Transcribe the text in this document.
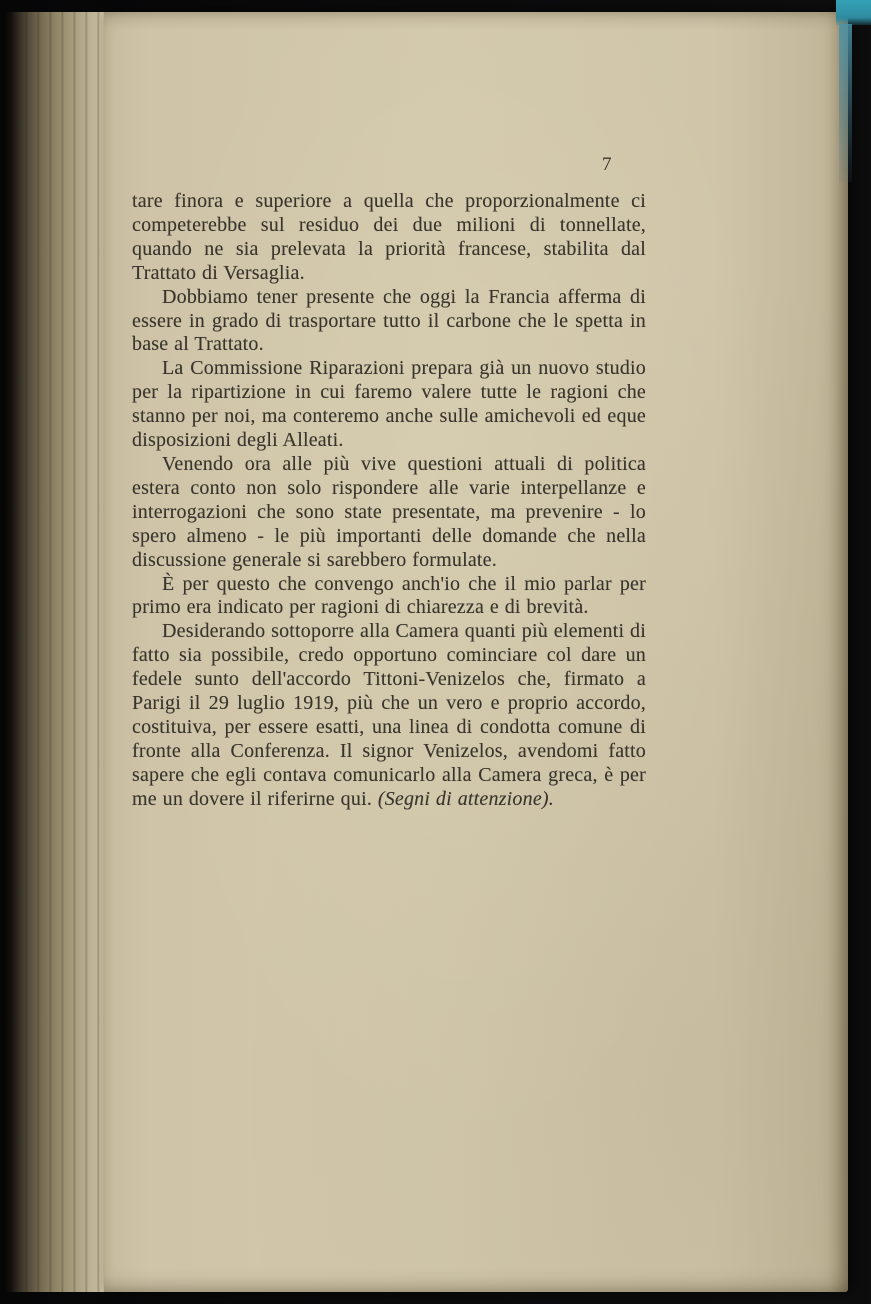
7

tare finora e superiore a quella che proporzionalmente ci competerebbe sul residuo dei due milioni di tonnellate, quando ne sia prelevata la priorità francese, stabilita dal Trattato di Versaglia.

Dobbiamo tener presente che oggi la Francia afferma di essere in grado di trasportare tutto il carbone che le spetta in base al Trattato.

La Commissione Riparazioni prepara già un nuovo studio per la ripartizione in cui faremo valere tutte le ragioni che stanno per noi, ma conteremo anche sulle amichevoli ed eque disposizioni degli Alleati.

Venendo ora alle più vive questioni attuali di politica estera conto non solo rispondere alle varie interpellanze e interrogazioni che sono state presentate, ma prevenire - lo spero almeno - le più importanti delle domande che nella discussione generale si sarebbero formulate.

È per questo che convengo anch'io che il mio parlar per primo era indicato per ragioni di chiarezza e di brevità.

Desiderando sottoporre alla Camera quanti più elementi di fatto sia possibile, credo opportuno cominciare col dare un fedele sunto dell'accordo Tittoni-Venizelos che, firmato a Parigi il 29 luglio 1919, più che un vero e proprio accordo, costituiva, per essere esatti, una linea di condotta comune di fronte alla Conferenza. Il signor Venizelos, avendomi fatto sapere che egli contava comunicarlo alla Camera greca, è per me un dovere il riferirne qui. (Segni di attenzione).
